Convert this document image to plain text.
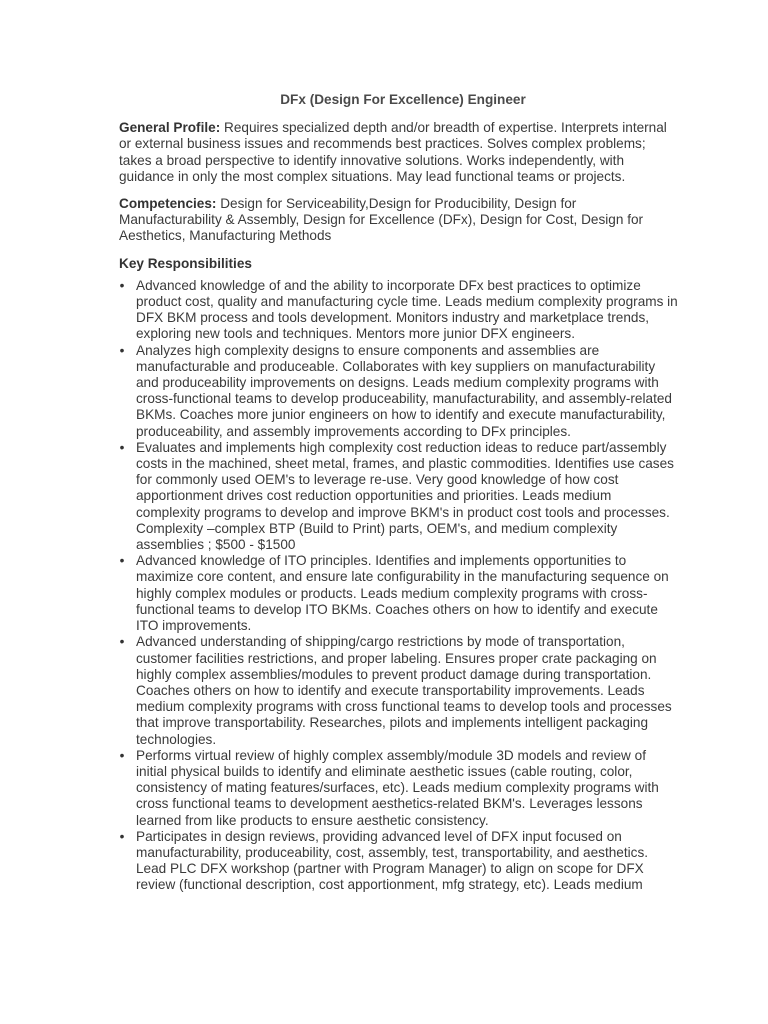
DFx (Design For Excellence) Engineer
General Profile: Requires specialized depth and/or breadth of expertise. Interprets internal or external business issues and recommends best practices. Solves complex problems; takes a broad perspective to identify innovative solutions. Works independently, with guidance in only the most complex situations. May lead functional teams or projects.
Competencies: Design for Serviceability,Design for Producibility, Design for Manufacturability & Assembly, Design for Excellence (DFx), Design for Cost, Design for Aesthetics, Manufacturing Methods
Key Responsibilities
• Advanced knowledge of and the ability to incorporate DFx best practices to optimize product cost, quality and manufacturing cycle time. Leads medium complexity programs in DFX BKM process and tools development. Monitors industry and marketplace trends, exploring new tools and techniques. Mentors more junior DFX engineers.
• Analyzes high complexity designs to ensure components and assemblies are manufacturable and produceable. Collaborates with key suppliers on manufacturability and produceability improvements on designs. Leads medium complexity programs with cross-functional teams to develop produceability, manufacturability, and assembly-related BKMs. Coaches more junior engineers on how to identify and execute manufacturability, produceability, and assembly improvements according to DFx principles.
• Evaluates and implements high complexity cost reduction ideas to reduce part/assembly costs in the machined, sheet metal, frames, and plastic commodities. Identifies use cases for commonly used OEM's to leverage re-use. Very good knowledge of how cost apportionment drives cost reduction opportunities and priorities. Leads medium complexity programs to develop and improve BKM's in product cost tools and processes. Complexity –complex BTP (Build to Print) parts, OEM's, and medium complexity assemblies ; $500 - $1500
• Advanced knowledge of ITO principles. Identifies and implements opportunities to maximize core content, and ensure late configurability in the manufacturing sequence on highly complex modules or products. Leads medium complexity programs with cross-functional teams to develop ITO BKMs. Coaches others on how to identify and execute ITO improvements.
• Advanced understanding of shipping/cargo restrictions by mode of transportation, customer facilities restrictions, and proper labeling. Ensures proper crate packaging on highly complex assemblies/modules to prevent product damage during transportation. Coaches others on how to identify and execute transportability improvements. Leads medium complexity programs with cross functional teams to develop tools and processes that improve transportability. Researches, pilots and implements intelligent packaging technologies.
• Performs virtual review of highly complex assembly/module 3D models and review of initial physical builds to identify and eliminate aesthetic issues (cable routing, color, consistency of mating features/surfaces, etc). Leads medium complexity programs with cross functional teams to development aesthetics-related BKM's. Leverages lessons learned from like products to ensure aesthetic consistency.
• Participates in design reviews, providing advanced level of DFX input focused on manufacturability, produceability, cost, assembly, test, transportability, and aesthetics. Lead PLC DFX workshop (partner with Program Manager) to align on scope for DFX review (functional description, cost apportionment, mfg strategy, etc). Leads medium
